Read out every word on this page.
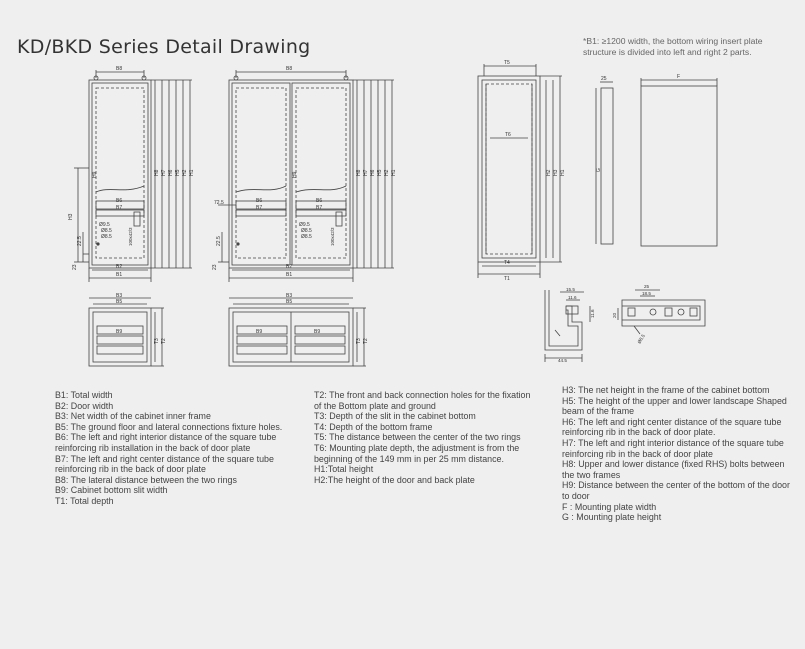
KD/BKD Series Detail Drawing	*B1: ≥1200 width, the bottom wiring insert plate structure is divided into left and right 2 parts.
B8
B6
B7
B2
B1
Ø9.5
Ø8.5
Ø8.5	100x42/3
H9	H8 H7 H6 H5 H2 H1
H3
22.5
23
B8
B6
B7
B6
B7
B2
B1
72.5
Ø9.5
Ø8.5
Ø8.5	100x42/3
H9	H8 H7 H6 H5 H2 H1
22.5
23
T5
T6
T4
T1
H2 H3 H1
F
25
G
B3
B5
B9
T3 T2
B3
B5
B9	B9
T3 T2
15.5
11.6
11.6
44.5
25
18.5
20
Ø8.5
B1: Total width
B2: Door width
B3: Net width of the cabinet inner frame
B5: The ground floor and lateral connections fixture holes.
B6: The left and right interior distance of the square tube reinforcing rib installation in the back of door plate
B7: The left and right center distance of the square tube reinforcing rib in the back of door plate
B8: The lateral distance between the two rings
B9: Cabinet bottom slit width
T1: Total depth
T2: The front and back connection holes for the fixation of the Bottom plate and ground
T3: Depth of the slit in the cabinet bottom
T4: Depth of the bottom frame
T5: The distance between the center of the two rings
T6: Mounting plate depth, the adjustment is from the beginning of the 149 mm in per 25 mm distance.
H1:Total height
H2:The height of the door and back plate
H3: The net height in the frame of the cabinet bottom
H5: The height of the upper and lower landscape Shaped beam of the frame
H6: The left and right center distance of the square tube reinforcing rib in the back of door plate.
H7: The left and right interior distance of the square tube reinforcing rib in the back of door plate
H8: Upper and lower distance (fixed RHS) bolts between the two frames
H9: Distance between the center of the bottom of the door to door
F : Mounting plate width
G : Mounting plate height
